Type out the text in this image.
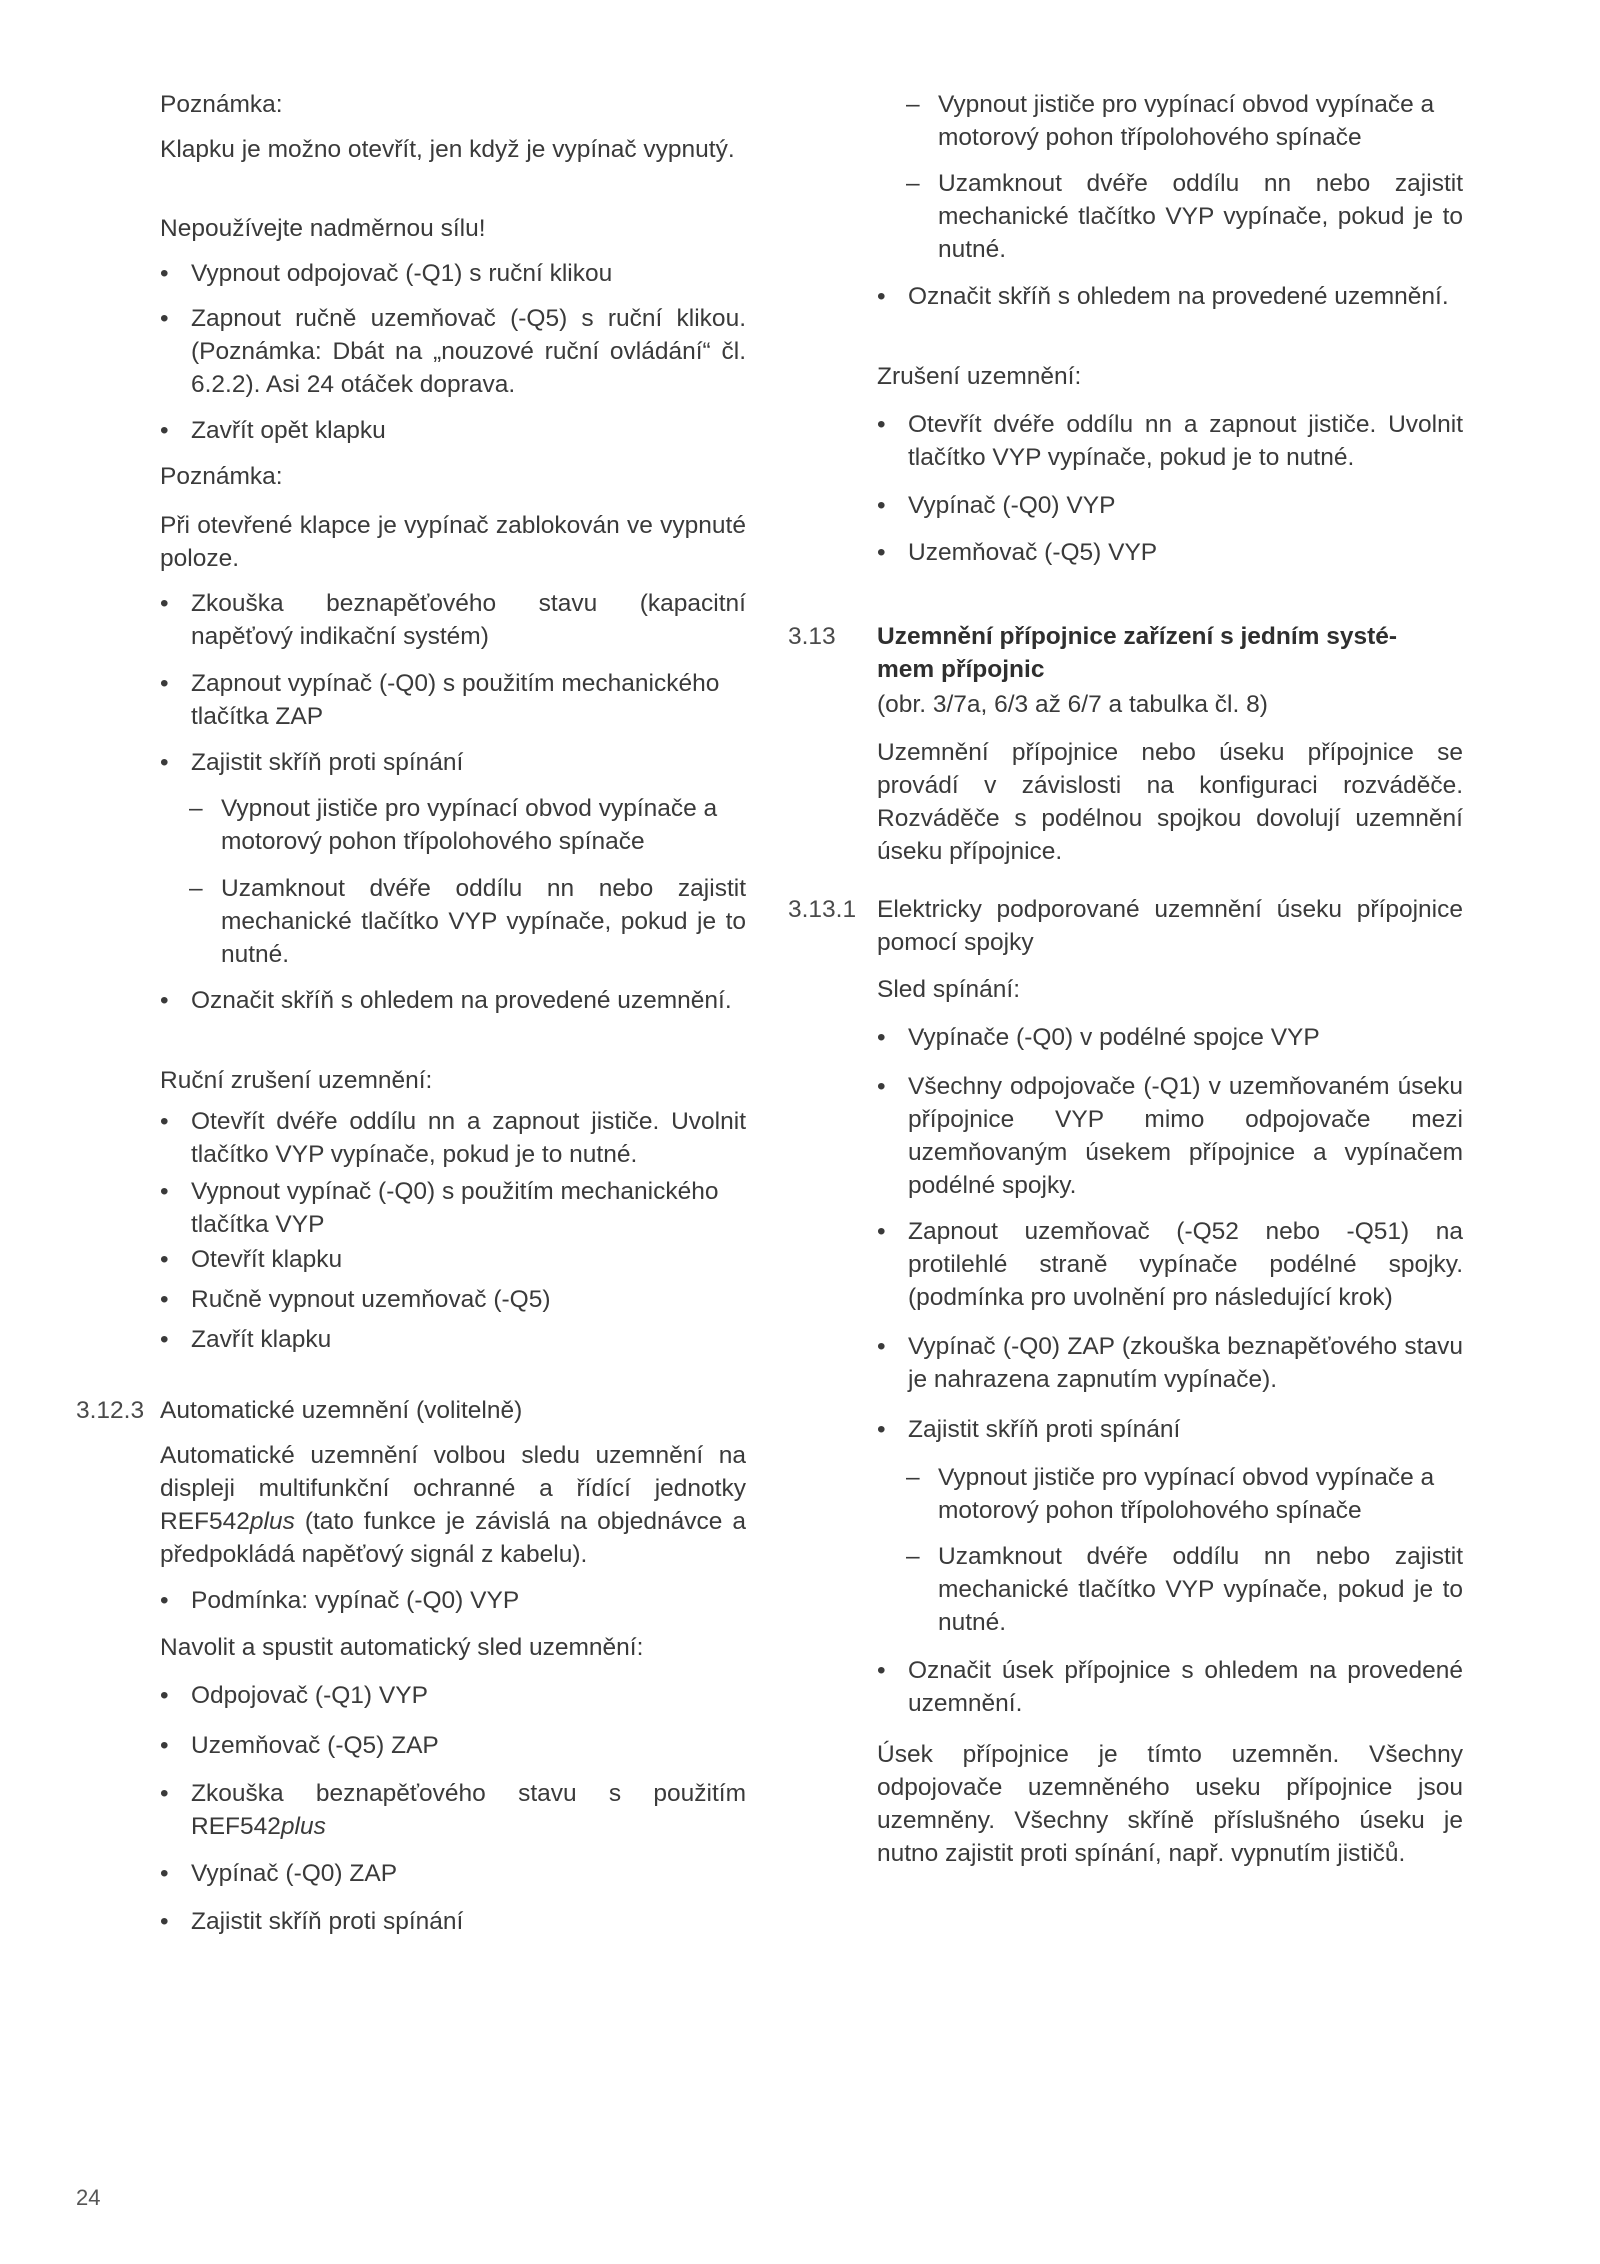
Poznámka:

Klapku je možno otevřít, jen když je vypínač vypnutý.

Nepoužívejte nadměrnou sílu!

• Vypnout odpojovač (-Q1) s ruční klikou

• Zapnout ručně uzemňovač (-Q5) s ruční klikou. (Poznámka: Dbát na „nouzové ruční ovládání“ čl. 6.2.2). Asi 24 otáček doprava.

• Zavřít opět klapku

Poznámka:

Při otevřené klapce je vypínač zablokován ve vypnuté poloze.

• Zkouška beznapěťového stavu (kapacitní napěťový indikační systém)

• Zapnout vypínač (-Q0) s použitím mechanického tlačítka ZAP

• Zajistit skříň proti spínání

– Vypnout jističe pro vypínací obvod vypínače a motorový pohon třípolohového spínače

– Uzamknout dvéře oddílu nn nebo zajistit mechanické tlačítko VYP vypínače, pokud je to nutné.

• Označit skříň s ohledem na provedené uzemnění.

Ruční zrušení uzemnění:

• Otevřít dvéře oddílu nn a zapnout jističe. Uvolnit tlačítko VYP vypínače, pokud je to nutné.

• Vypnout vypínač (-Q0) s použitím mechanického tlačítka VYP

• Otevřít klapku

• Ručně vypnout uzemňovač (-Q5)

• Zavřít klapku

Automatické uzemnění volbou sledu uzemnění na displeji multifunkční ochranné a řídící jednotky REF542plus (tato funkce je závislá na objednávce a předpokládá napěťový signál z kabelu).

• Podmínka: vypínač (-Q0) VYP

Navolit a spustit automatický sled uzemnění:

• Odpojovač (-Q1) VYP

• Uzemňovač (-Q5) ZAP

• Zkouška beznapěťového stavu s použitím REF542plus

• Vypínač (-Q0) ZAP

• Zajistit skříň proti spínání

3.12.3 Automatické uzemnění (volitelně)

– Vypnout jističe pro vypínací obvod vypínače a motorový pohon třípolohového spínače

– Uzamknout dvéře oddílu nn nebo zajistit mechanické tlačítko VYP vypínače, pokud je to nutné.

• Označit skříň s ohledem na provedené uzemnění.

Zrušení uzemnění:

• Otevřít dvéře oddílu nn a zapnout jističe. Uvolnit tlačítko VYP vypínače, pokud je to nutné.

• Vypínač (-Q0) VYP

• Uzemňovač (-Q5) VYP

(obr. 3/7a, 6/3 až 6/7 a tabulka čl. 8)

Uzemnění přípojnice nebo úseku přípojnice se provádí v závislosti na konfiguraci rozváděče. Rozváděče s podélnou spojkou dovolují uzemnění úseku přípojnice.

Sled spínání:

• Vypínače (-Q0) v podélné spojce VYP

• Všechny odpojovače (-Q1) v uzemňovaném úseku přípojnice VYP mimo odpojovače mezi uzemňovaným úsekem přípojnice a vypínačem podélné spojky.

• Zapnout uzemňovač (-Q52 nebo -Q51) na protilehlé straně vypínače podélné spojky. (podmínka pro uvolnění pro následující krok)

• Vypínač (-Q0) ZAP (zkouška beznapěťového stavu je nahrazena zapnutím vypínače).

• Zajistit skříň proti spínání

– Vypnout jističe pro vypínací obvod vypínače a motorový pohon třípolohového spínače

– Uzamknout dvéře oddílu nn nebo zajistit mechanické tlačítko VYP vypínače, pokud je to nutné.

• Označit úsek přípojnice s ohledem na provedené uzemnění.

Úsek přípojnice je tímto uzemněn. Všechny odpojovače uzemněného useku přípojnice jsou uzemněny. Všechny skříně příslušného úseku je nutno zajistit proti spínání, např. vypnutím jističů.

3.13 Uzemnění přípojnice zařízení s jedním systé-
mem přípojnic
3.13.1 Elektricky podporované uzemnění úseku přípojnice pomocí spojky

24
